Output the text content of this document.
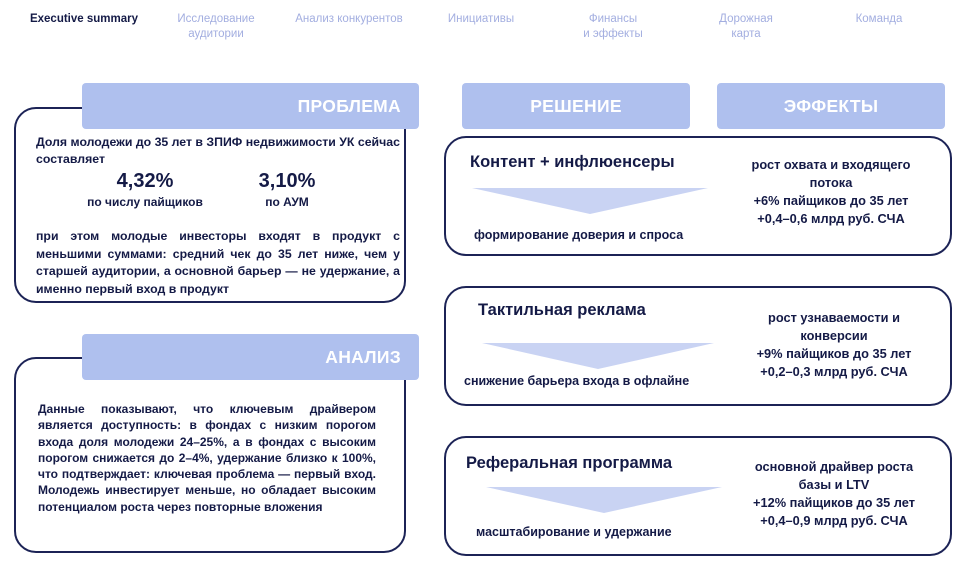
Executive summary	Исследование
аудитории
Анализ конкурентов	Инициативы	Финансы
и эффекты
Дорожная
карта
Команда
ПРОБЛЕМА
Доля молодежи до 35 лет в ЗПИФ недвижимости УК сейчас составляет
4,32%
по числу пайщиков
3,10%
по АУМ
при этом молодые инвесторы входят в продукт с меньшими суммами: средний чек до 35 лет ниже, чем у старшей аудитории, а основной барьер — не удержание, а именно первый вход в продукт
АНАЛИЗ
Данные показывают, что ключевым драйвером является доступность: в фондах с низким порогом входа доля молодежи 24–25%, а в фондах с высоким порогом снижается до 2–4%, удержание близко к 100%, что подтверждает: ключевая проблема — первый вход. Молодежь инвестирует меньше, но обладает высоким потенциалом роста через повторные вложения
РЕШЕНИЕ	ЭФФЕКТЫ
Контент + инфлюенсеры
формирование доверия и спроса
рост охвата и входящего
потока
+6% пайщиков до 35 лет
+0,4–0,6 млрд руб. СЧА
Тактильная реклама
снижение барьера входа в офлайне
рост узнаваемости и
конверсии
+9% пайщиков до 35 лет
+0,2–0,3 млрд руб. СЧА
Реферальная программа
масштабирование и удержание
основной драйвер роста
базы и LTV
+12% пайщиков до 35 лет
+0,4–0,9 млрд руб. СЧА
